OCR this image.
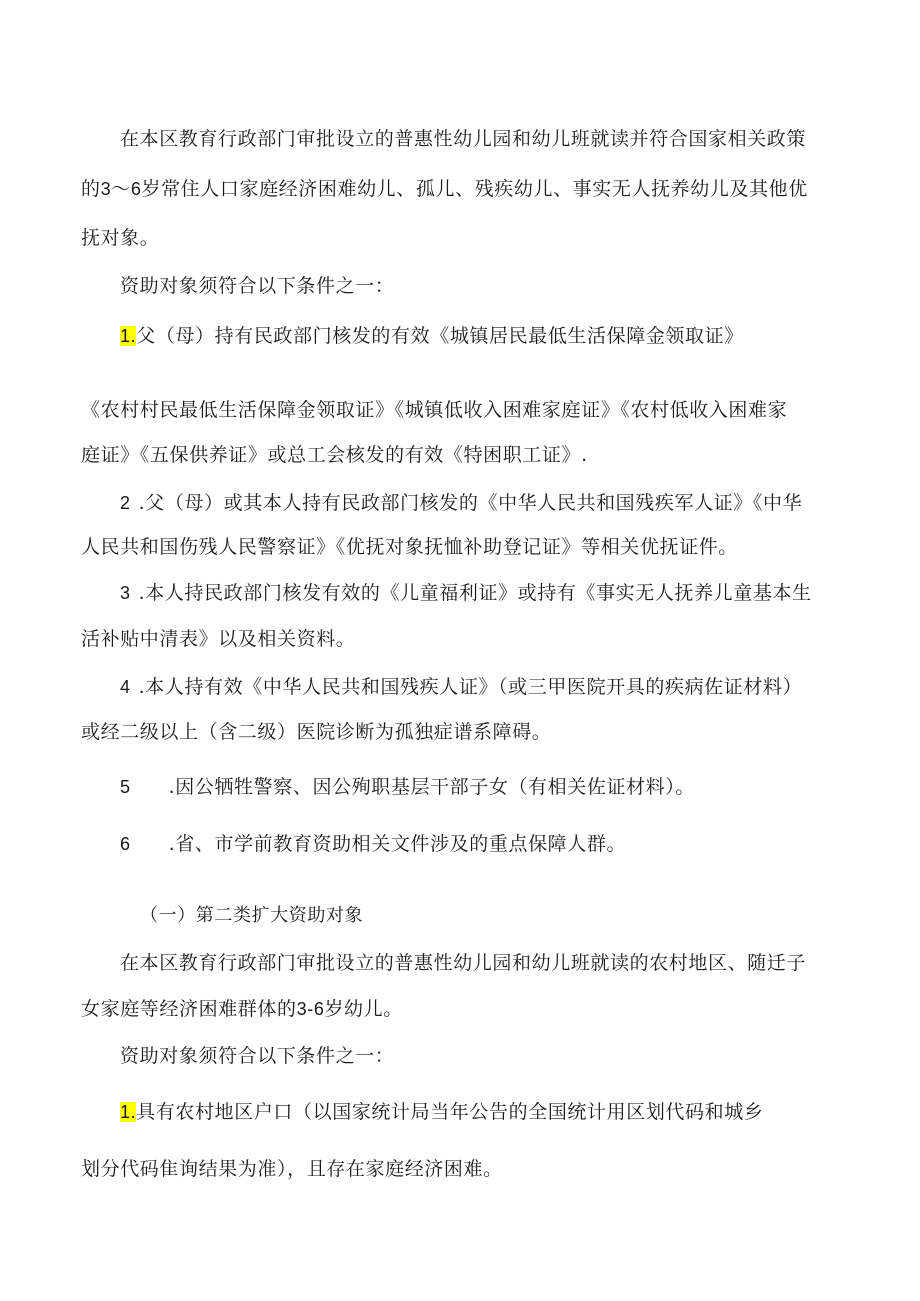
在本区教育行政部门审批设立的普惠性幼儿园和幼儿班就读并符合国家相关政策
的3～6岁常住人口家庭经济困难幼儿、孤儿、残疾幼儿、事实无人抚养幼儿及其他优
抚对象。
资助对象须符合以下条件之一：
1.父（母）持有民政部门核发的有效《城镇居民最低生活保障金领取证》
《农村村民最低生活保障金领取证》《城镇低收入困难家庭证》《农村低收入困难家
庭证》《五保供养证》或总工会核发的有效《特困职工证》.
2 .父（母）或其本人持有民政部门核发的《中华人民共和国残疾军人证》《中华
人民共和国伤残人民警察证》《优抚对象抚恤补助登记证》等相关优抚证件。
3 .本人持民政部门核发有效的《儿童福利证》或持有《事实无人抚养儿童基本生
活补贴中清表》以及相关资料。
4 .本人持有效《中华人民共和国残疾人证》（或三甲医院开具的疾病佐证材料）
或经二级以上（含二级）医院诊断为孤独症谱系障碍。
5 .因公牺牲警察、因公殉职基层干部子女（有相关佐证材料）。
6 .省、市学前教育资助相关文件涉及的重点保障人群。
（一）第二类扩大资助对象
在本区教育行政部门审批设立的普惠性幼儿园和幼儿班就读的农村地区、随迁子
女家庭等经济困难群体的3-6岁幼儿。
资助对象须符合以下条件之一：
1.具有农村地区户口（以国家统计局当年公告的全国统计用区划代码和城乡
划分代码隹询结果为准），且存在家庭经济困难。
